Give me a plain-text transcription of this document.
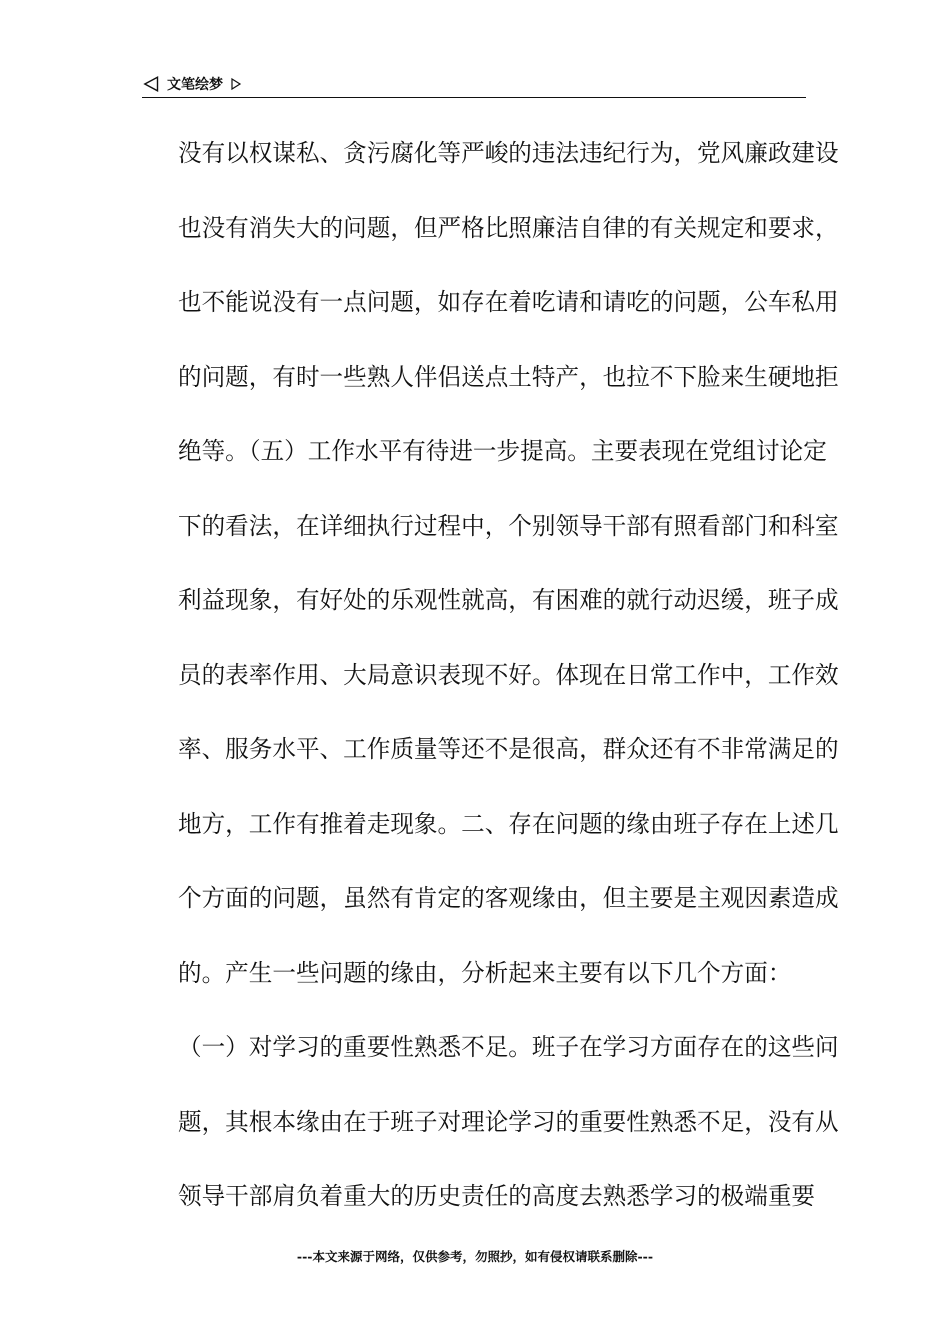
文笔绘梦
没有以权谋私、贪污腐化等严峻的违法违纪行为，党风廉政建设
也没有消失大的问题，但严格比照廉洁自律的有关规定和要求，
也不能说没有一点问题，如存在着吃请和请吃的问题，公车私用
的问题，有时一些熟人伴侣送点土特产，也拉不下脸来生硬地拒
绝等。（五）工作水平有待进一步提高。主要表现在党组讨论定
下的看法，在详细执行过程中，个别领导干部有照看部门和科室
利益现象，有好处的乐观性就高，有困难的就行动迟缓，班子成
员的表率作用、大局意识表现不好。体现在日常工作中，工作效
率、服务水平、工作质量等还不是很高，群众还有不非常满足的
地方，工作有推着走现象。二、存在问题的缘由班子存在上述几
个方面的问题，虽然有肯定的客观缘由，但主要是主观因素造成
的。产生一些问题的缘由，分析起来主要有以下几个方面：
（一）对学习的重要性熟悉不足。班子在学习方面存在的这些问
题，其根本缘由在于班子对理论学习的重要性熟悉不足，没有从
领导干部肩负着重大的历史责任的高度去熟悉学习的极端重要
---本文来源于网络，仅供参考，勿照抄，如有侵权请联系删除---
